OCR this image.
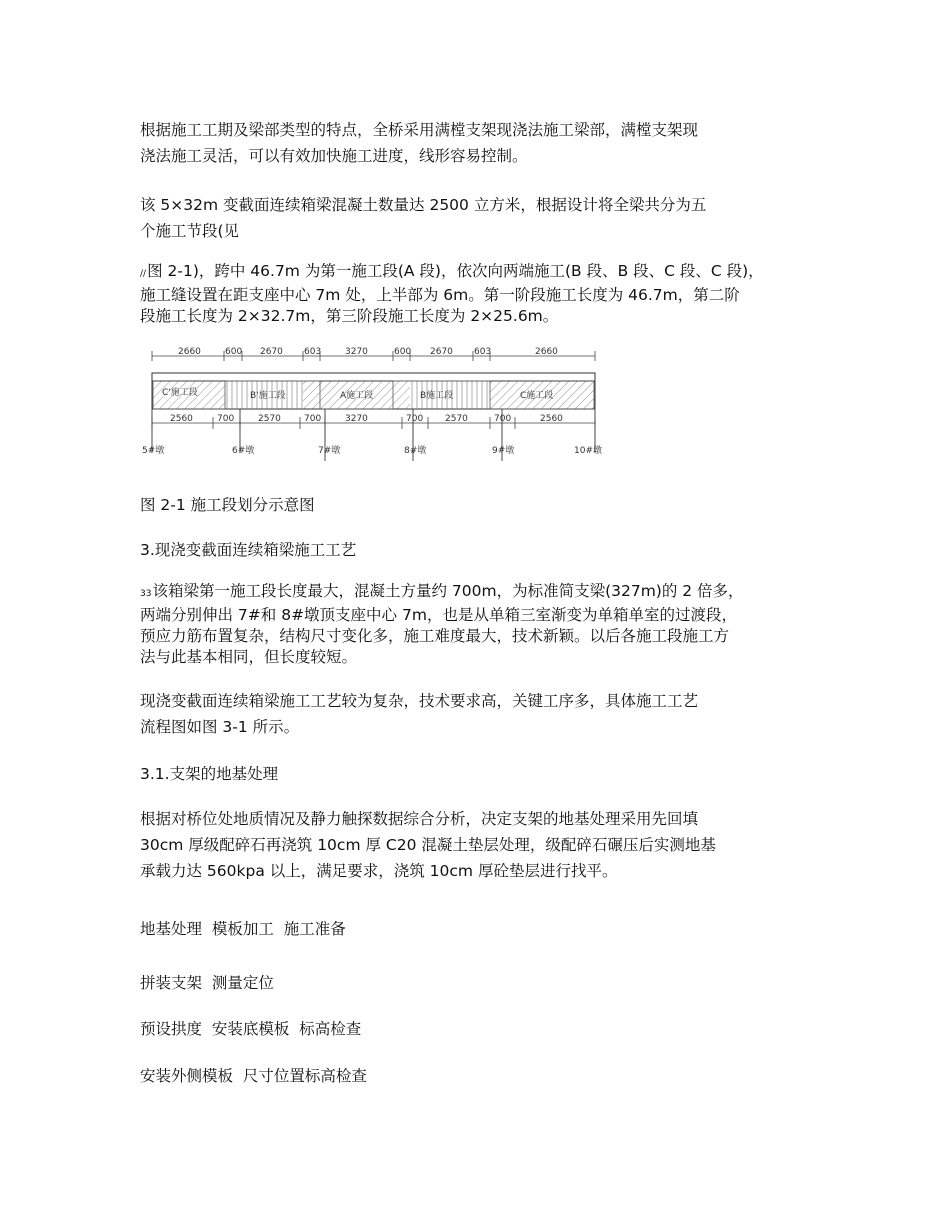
根据施工工期及梁部类型的特点，全桥采用满樘支架现浇法施工梁部，满樘支架现
浇法施工灵活，可以有效加快施工进度，线形容易控制。

该 5×32m 变截面连续箱梁混凝土数量达 2500 立方米，根据设计将全梁共分为五
个施工节段(见

//图 2-1)，跨中 46.7m 为第一施工段(A 段)，依次向两端施工(B 段、B 段、C 段、C 段)，
施工缝设置在距支座中心 7m 处，上半部为 6m。第一阶段施工长度为 46.7m，第二阶
段施工长度为 2×32.7m，第三阶段施工长度为 2×25.6m。

2660	600 2670 603	3270	600 2670 603	2660
C'施工段	B'施工段	A施工段	B施工段	C施工段
2560	700	2570	700	3270	700 2570	700	2560
5#墩	6#墩	7#墩	8#墩	9#墩	10#墩

图 2-1 施工段划分示意图

3.现浇变截面连续箱梁施工工艺

33该箱梁第一施工段长度最大，混凝土方量约 700m，为标准简支梁(327m)的 2 倍多，
两端分别伸出 7#和 8#墩顶支座中心 7m，也是从单箱三室渐变为单箱单室的过渡段，
预应力筋布置复杂，结构尺寸变化多，施工难度最大，技术新颖。以后各施工段施工方
法与此基本相同，但长度较短。

现浇变截面连续箱梁施工工艺较为复杂，技术要求高，关键工序多，具体施工工艺
流程图如图 3-1 所示。

3.1.支架的地基处理

根据对桥位处地质情况及静力触探数据综合分析，决定支架的地基处理采用先回填
30cm 厚级配碎石再浇筑 10cm 厚 C20 混凝土垫层处理，级配碎石碾压后实测地基
承载力达 560kpa 以上，满足要求，浇筑 10cm 厚砼垫层进行找平。

地基处理  模板加工  施工准备

拼装支架  测量定位

预设拱度  安装底模板  标高检查

安装外侧模板  尺寸位置标高检查
